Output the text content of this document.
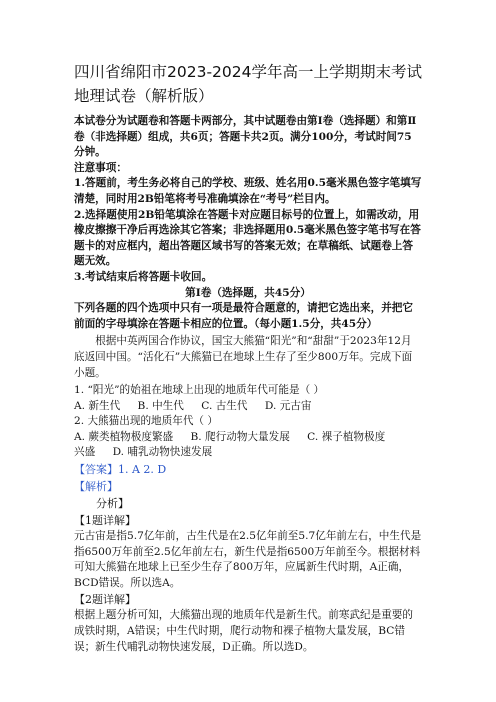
四川省绵阳市2023-2024学年高一上学期期末考试地理试卷（解析版）
本试卷分为试题卷和答题卡两部分，其中试题卷由第Ⅰ卷（选择题）和第Ⅱ卷（非选择题）组成，共6页；答题卡共2页。满分100分，考试时间75分钟。
注意事项：
1.答题前，考生务必将自己的学校、班级、姓名用0.5毫米黑色签字笔填写清楚，同时用2B铅笔将考号准确填涂在“考号”栏目内。
2.选择题使用2B铅笔填涂在答题卡对应题目标号的位置上，如需改动，用橡皮擦擦干净后再选涂其它答案；非选择题用0.5毫米黑色签字笔书写在答题卡的对应框内，超出答题区域书写的答案无效；在草稿纸、试题卷上答题无效。
3.考试结束后将答题卡收回。
第Ⅰ卷（选择题，共45分）
下列各题的四个选项中只有一项是最符合题意的，请把它选出来，并把它前面的字母填涂在答题卡相应的位置。（每小题1.5分，共45分）
根据中英两国合作协议，国宝大熊猫“阳光”和“甜甜”于2023年12月底返回中国。“活化石”大熊猫已在地球上生存了至少800万年。完成下面小题。
1. “阳光”的始祖在地球上出现的地质年代可能是（ ）
A. 新生代 B. 中生代 C. 古生代 D. 元古宙
2. 大熊猫出现的地质年代（ ）
A. 蕨类植物极度繁盛 B. 爬行动物大量发展 C. 裸子植物极度
兴盛 D. 哺乳动物快速发展
【答案】1. A 2. D
【解析】
分析】
【1题详解】
元古宙是指5.7亿年前，古生代是在2.5亿年前至5.7亿年前左右，中生代是指6500万年前至2.5亿年前左右，新生代是指6500万年前至今。根据材料可知大熊猫在地球上已至少生存了800万年，应属新生代时期，A正确，BCD错误。所以选A。
【2题详解】
根据上题分析可知，大熊猫出现的地质年代是新生代。前寒武纪是重要的成铁时期，A错误；中生代时期，爬行动物和裸子植物大量发展，BC错误；新生代哺乳动物快速发展，D正确。所以选D。
